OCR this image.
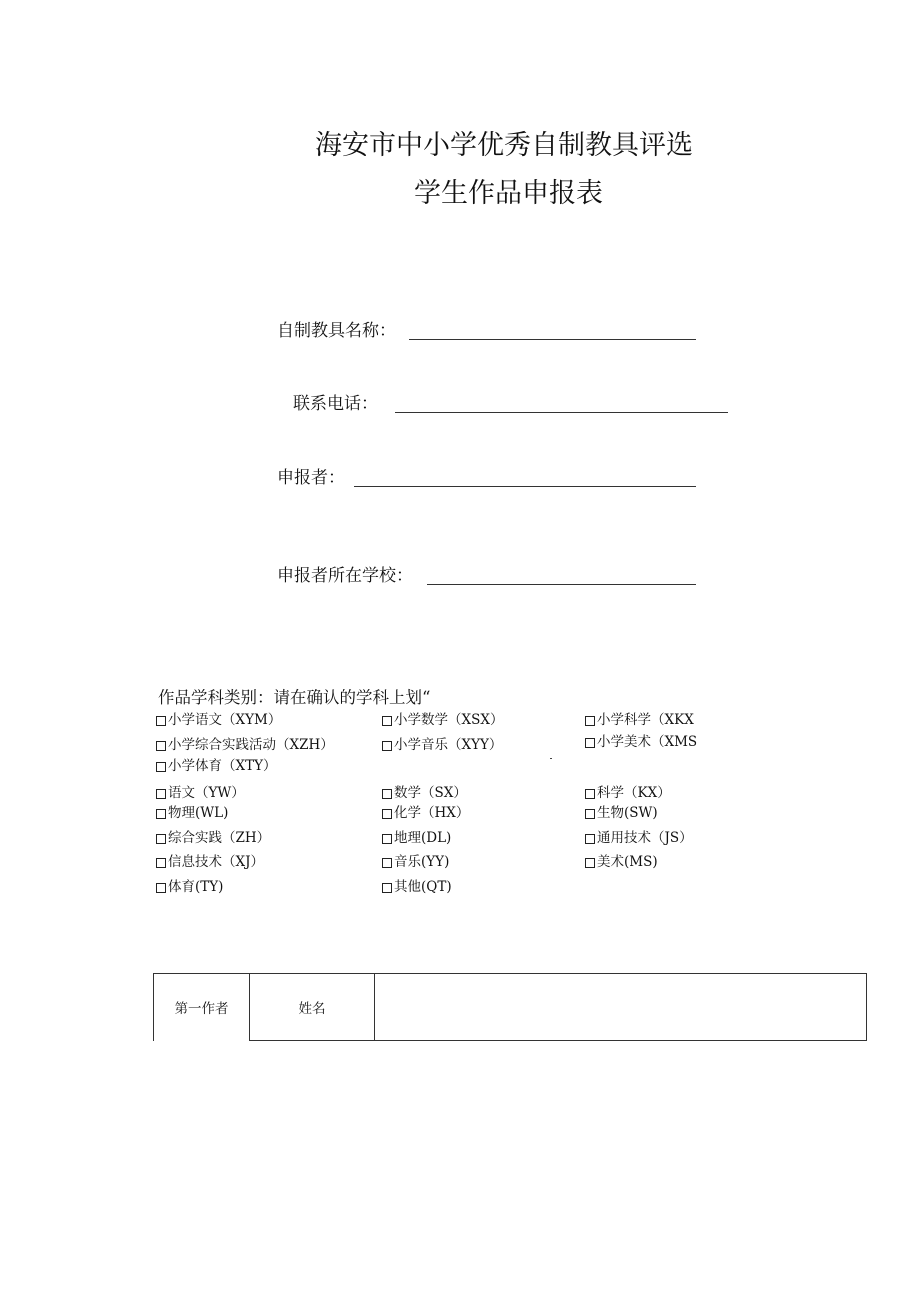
海安市中小学优秀自制教具评选
学生作品申报表
自制教具名称：
联系电话：
申报者：
申报者所在学校：
作品学科类别：请在确认的学科上划“
小学语文（XYM）	小学数学（XSX）	小学科学（XKX
小学综合实践活动（XZH）	小学音乐（XYY）	小学美术（XMS
小学体育（XTY）
语文（YW）	数学（SX）	科学（KX）
物理(WL)	化学（HX）	生物(SW)
综合实践（ZH）	地理(DL)	通用技术（JS）
信息技术（XJ）	音乐(YY)	美术(MS)
体育(TY)	其他(QT)
第一作者	姓名	
